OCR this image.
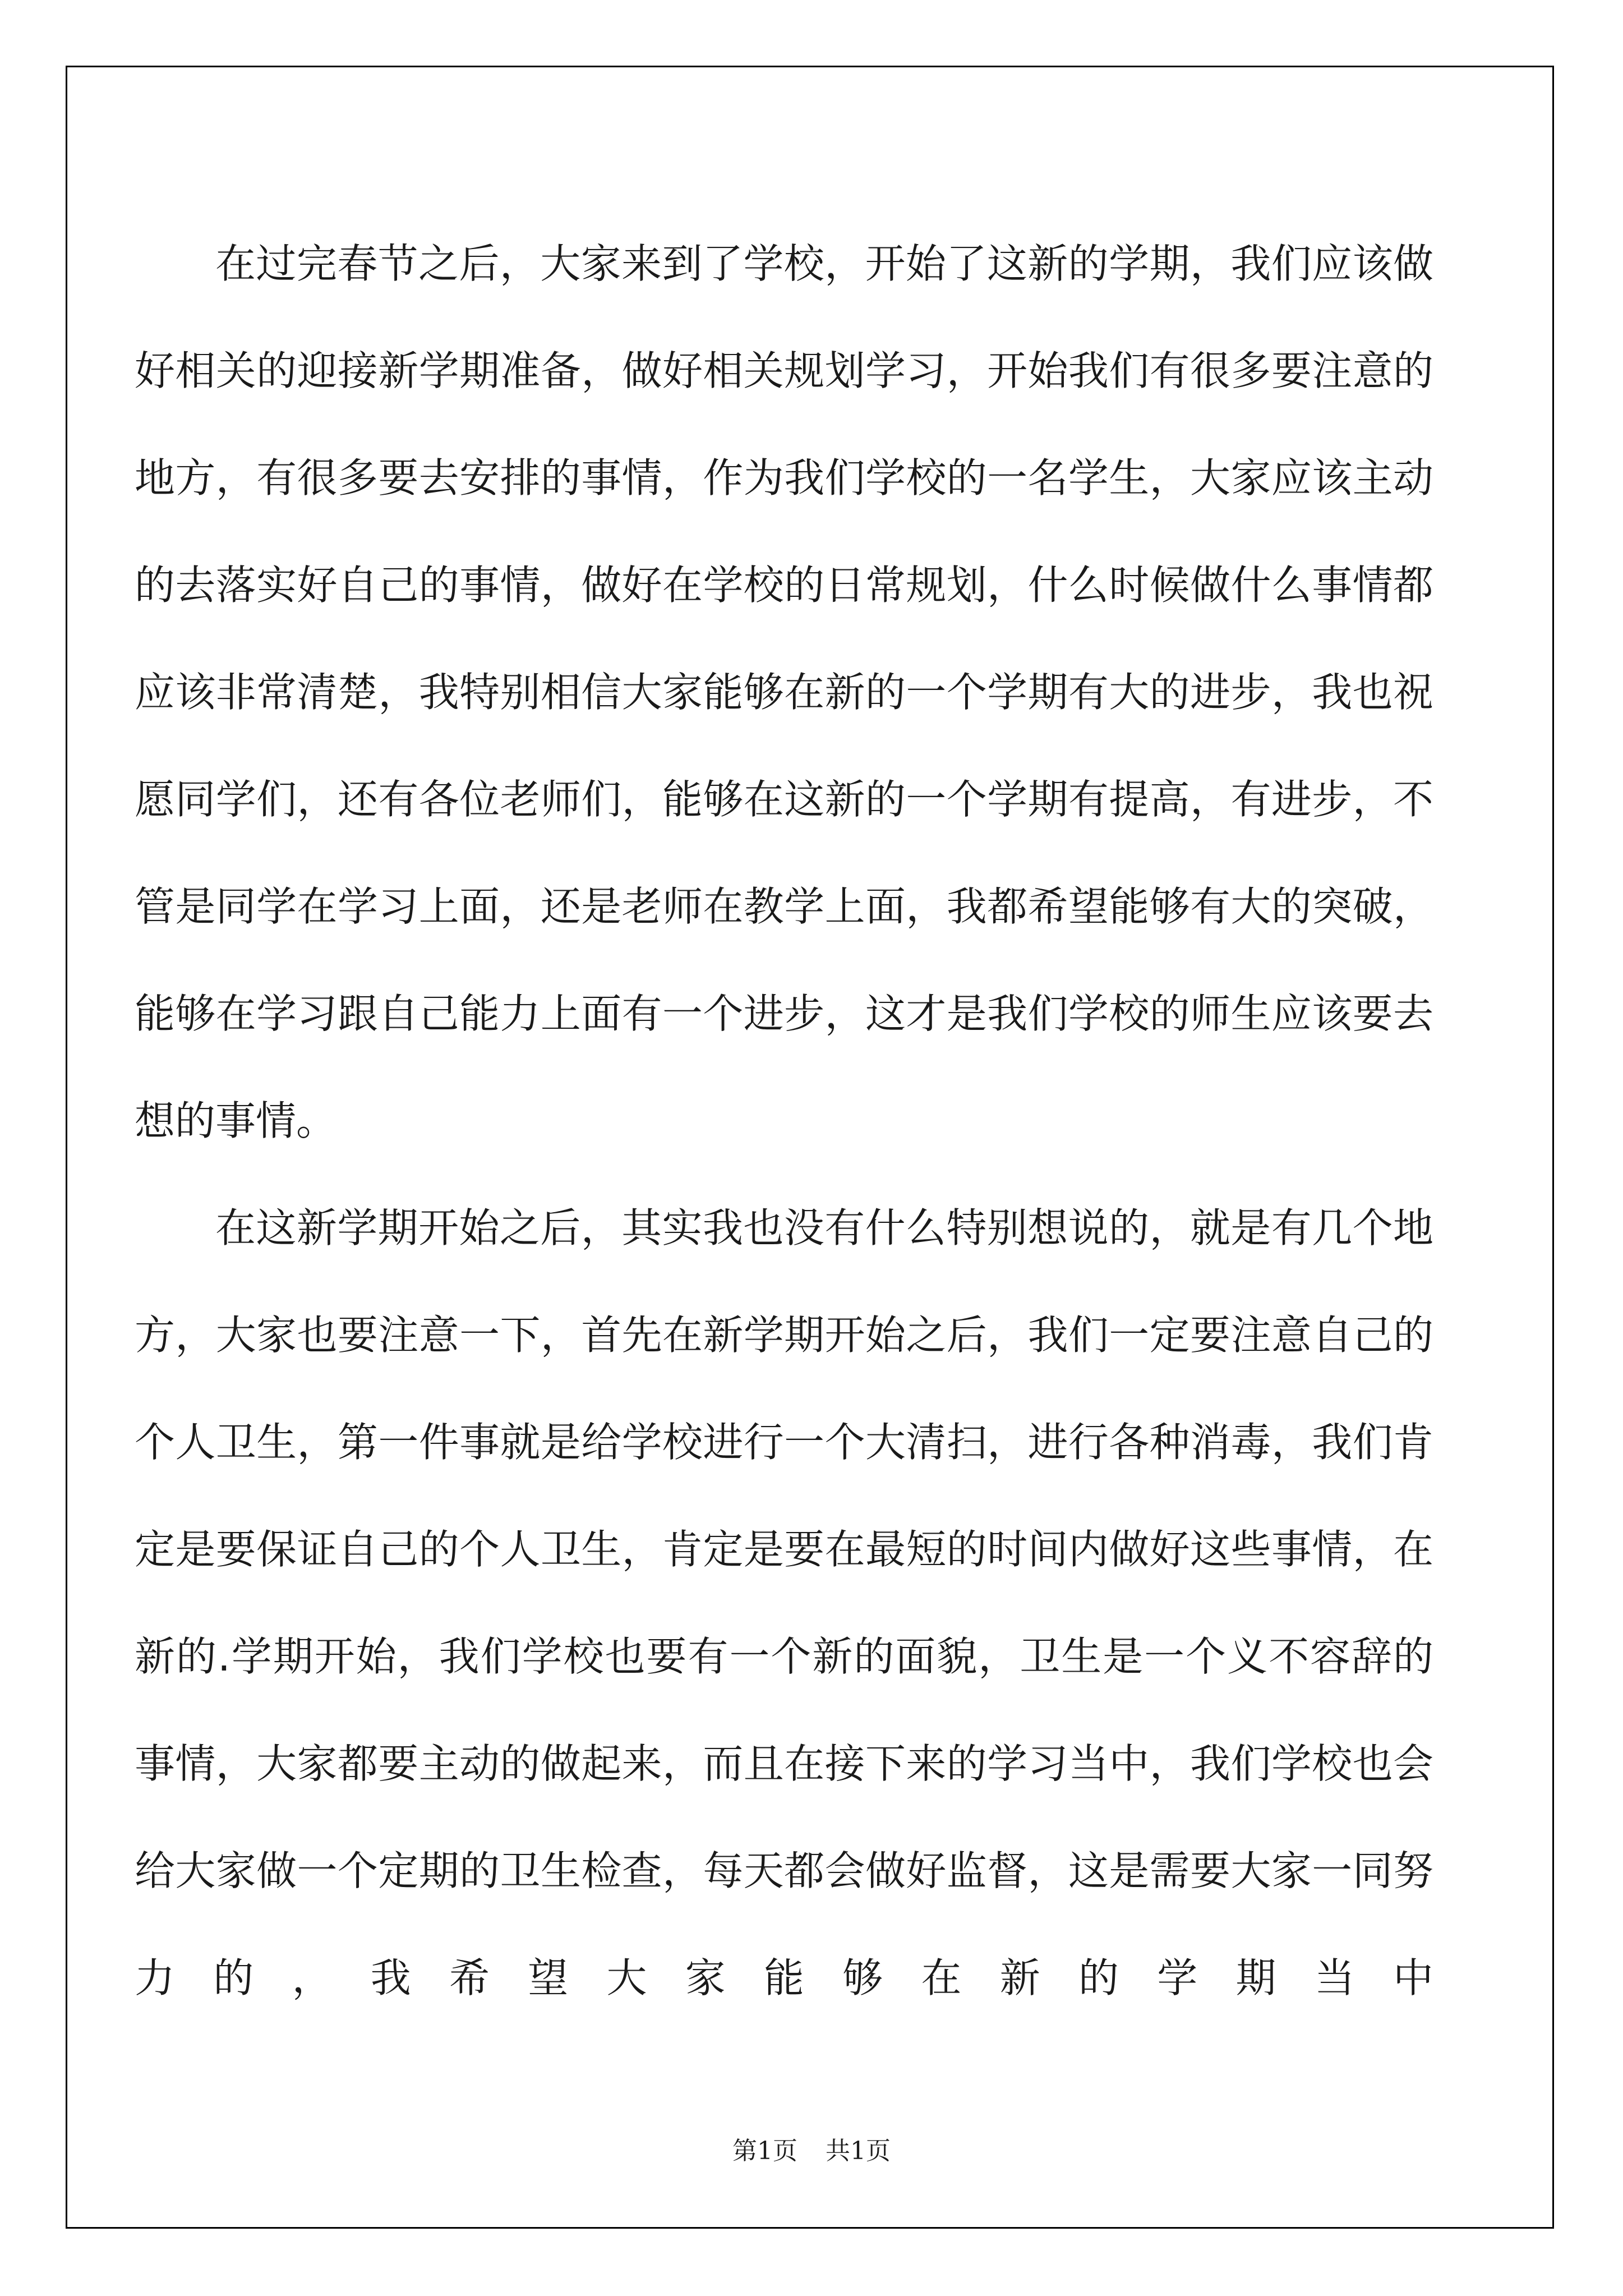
在过完春节之后，大家来到了学校，开始了这新的学期，我们应该做好相关的迎接新学期准备，做好相关规划学习，开始我们有很多要注意的地方，有很多要去安排的事情，作为我们学校的一名学生，大家应该主动的去落实好自己的事情，做好在学校的日常规划，什么时候做什么事情都应该非常清楚，我特别相信大家能够在新的一个学期有大的进步，我也祝愿同学们，还有各位老师们，能够在这新的一个学期有提高，有进步，不管是同学在学习上面，还是老师在教学上面，我都希望能够有大的突破，能够在学习跟自己能力上面有一个进步，这才是我们学校的师生应该要去想的事情。

在这新学期开始之后，其实我也没有什么特别想说的，就是有几个地方，大家也要注意一下，首先在新学期开始之后，我们一定要注意自己的个人卫生，第一件事就是给学校进行一个大清扫，进行各种消毒，我们肯定是要保证自己的个人卫生，肯定是要在最短的时间内做好这些事情，在新的.学期开始，我们学校也要有一个新的面貌，卫生是一个义不容辞的事情，大家都要主动的做起来，而且在接下来的学习当中，我们学校也会给大家做一个定期的卫生检查，每天都会做好监督，这是需要大家一同努力的，我希望大家能够在新的学期当中

第1页 共1页
